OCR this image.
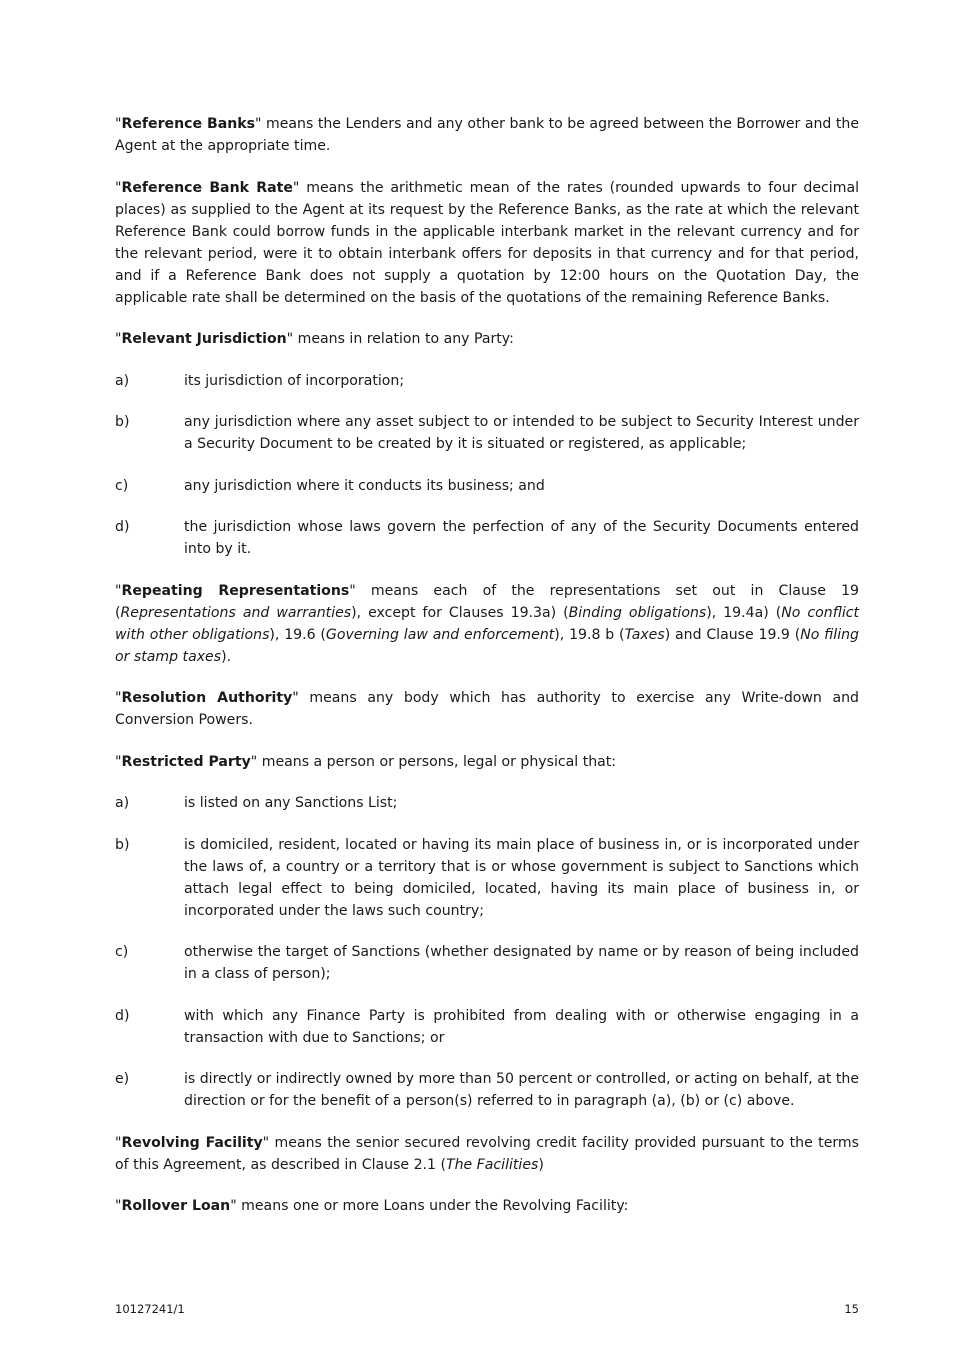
"Reference Banks" means the Lenders and any other bank to be agreed between the Borrower and the Agent at the appropriate time.

"Reference Bank Rate" means the arithmetic mean of the rates (rounded upwards to four decimal places) as supplied to the Agent at its request by the Reference Banks, as the rate at which the relevant Reference Bank could borrow funds in the applicable interbank market in the relevant currency and for the relevant period, were it to obtain interbank offers for deposits in that currency and for that period, and if a Reference Bank does not supply a quotation by 12:00 hours on the Quotation Day, the applicable rate shall be determined on the basis of the quotations of the remaining Reference Banks.

"Relevant Jurisdiction" means in relation to any Party:

a)	its jurisdiction of incorporation;
b)	any jurisdiction where any asset subject to or intended to be subject to Security Interest under a Security Document to be created by it is situated or registered, as applicable;
c)	any jurisdiction where it conducts its business; and
d)	the jurisdiction whose laws govern the perfection of any of the Security Documents entered into by it.

"Repeating Representations" means each of the representations set out in Clause 19 (Representations and warranties), except for Clauses 19.3a) (Binding obligations), 19.4a) (No conflict with other obligations), 19.6 (Governing law and enforcement), 19.8 b (Taxes) and Clause 19.9 (No filing or stamp taxes).

"Resolution Authority" means any body which has authority to exercise any Write-down and Conversion Powers.

"Restricted Party" means a person or persons, legal or physical that:

a)	is listed on any Sanctions List;
b)	is domiciled, resident, located or having its main place of business in, or is incorporated under the laws of, a country or a territory that is or whose government is subject to Sanctions which attach legal effect to being domiciled, located, having its main place of business in, or incorporated under the laws such country;
c)	otherwise the target of Sanctions (whether designated by name or by reason of being included in a class of person);
d)	with which any Finance Party is prohibited from dealing with or otherwise engaging in a transaction with due to Sanctions; or
e)	is directly or indirectly owned by more than 50 percent or controlled, or acting on behalf, at the direction or for the benefit of a person(s) referred to in paragraph (a), (b) or (c) above.

"Revolving Facility" means the senior secured revolving credit facility provided pursuant to the terms of this Agreement, as described in Clause 2.1 (The Facilities)

"Rollover Loan" means one or more Loans under the Revolving Facility:

10127241/1	15
